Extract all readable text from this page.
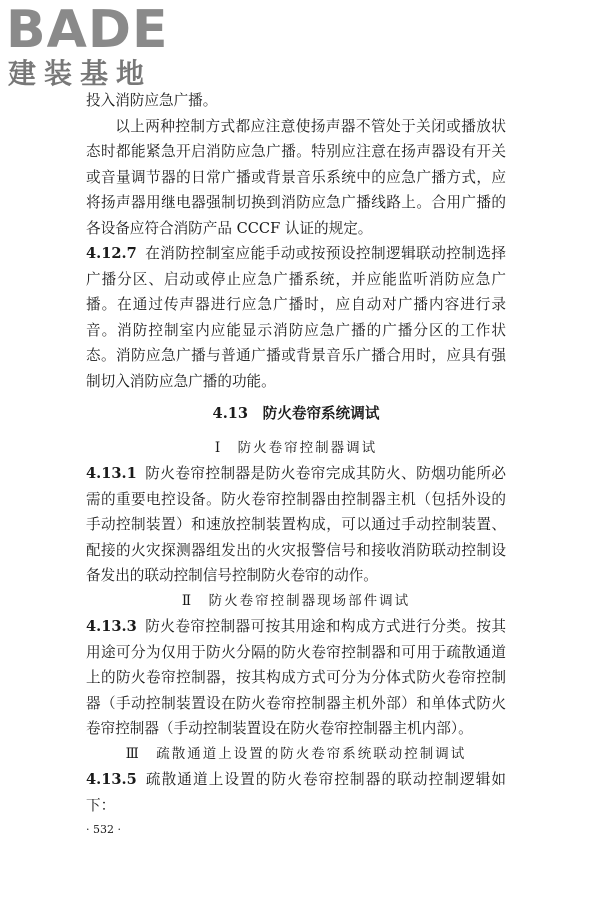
BADE
建装基地

投入消防应急广播。

以上两种控制方式都应注意使扬声器不管处于关闭或播放状态时都能紧急开启消防应急广播。特别应注意在扬声器设有开关或音量调节器的日常广播或背景音乐系统中的应急广播方式，应将扬声器用继电器强制切换到消防应急广播线路上。合用广播的各设备应符合消防产品 CCCF 认证的规定。

4.12.7 在消防控制室应能手动或按预设控制逻辑联动控制选择广播分区、启动或停止应急广播系统，并应能监听消防应急广播。在通过传声器进行应急广播时，应自动对广播内容进行录音。消防控制室内应能显示消防应急广播的广播分区的工作状态。消防应急广播与普通广播或背景音乐广播合用时，应具有强制切入消防应急广播的功能。

4.13　防火卷帘系统调试
Ⅰ　防火卷帘控制器调试

4.13.1 防火卷帘控制器是防火卷帘完成其防火、防烟功能所必需的重要电控设备。防火卷帘控制器由控制器主机（包括外设的手动控制装置）和速放控制装置构成，可以通过手动控制装置、配接的火灾探测器组发出的火灾报警信号和接收消防联动控制设备发出的联动控制信号控制防火卷帘的动作。

Ⅱ　防火卷帘控制器现场部件调试

4.13.3 防火卷帘控制器可按其用途和构成方式进行分类。按其用途可分为仅用于防火分隔的防火卷帘控制器和可用于疏散通道上的防火卷帘控制器，按其构成方式可分为分体式防火卷帘控制器（手动控制装置设在防火卷帘控制器主机外部）和单体式防火卷帘控制器（手动控制装置设在防火卷帘控制器主机内部）。

Ⅲ　疏散通道上设置的防火卷帘系统联动控制调试

4.13.5 疏散通道上设置的防火卷帘控制器的联动控制逻辑如下：

· 532 ·
